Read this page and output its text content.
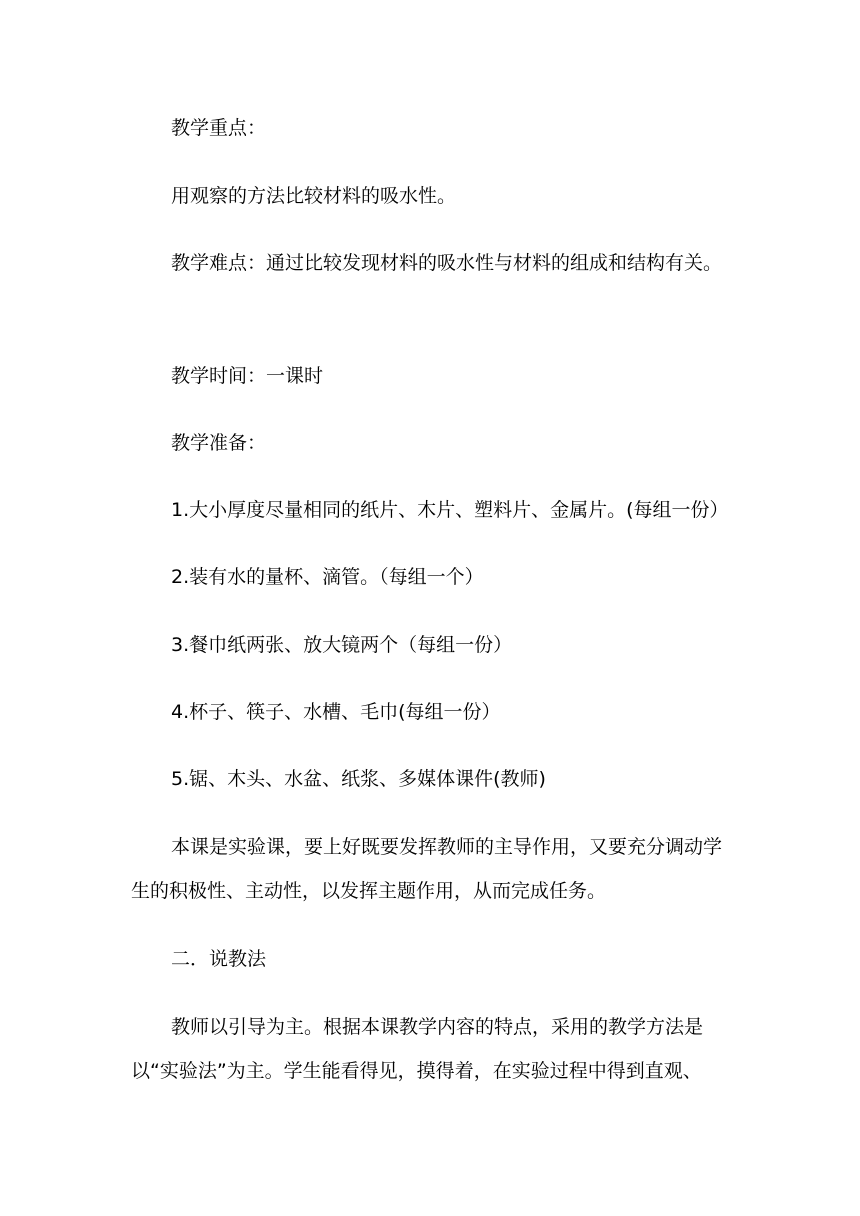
教学重点：

用观察的方法比较材料的吸水性。

教学难点：通过比较发现材料的吸水性与材料的组成和结构有关。

教学时间：一课时

教学准备：

1.大小厚度尽量相同的纸片、木片、塑料片、金属片。(每组一份）

2.装有水的量杯、滴管。（每组一个）

3.餐巾纸两张、放大镜两个（每组一份）

4.杯子、筷子、水槽、毛巾(每组一份）

5.锯、木头、水盆、纸浆、多媒体课件(教师)

本课是实验课，要上好既要发挥教师的主导作用，又要充分调动学生的积极性、主动性，以发挥主题作用，从而完成任务。

二．说教法

教师以引导为主。根据本课教学内容的特点，采用的教学方法是以“实验法”为主。学生能看得见，摸得着，在实验过程中得到直观、
